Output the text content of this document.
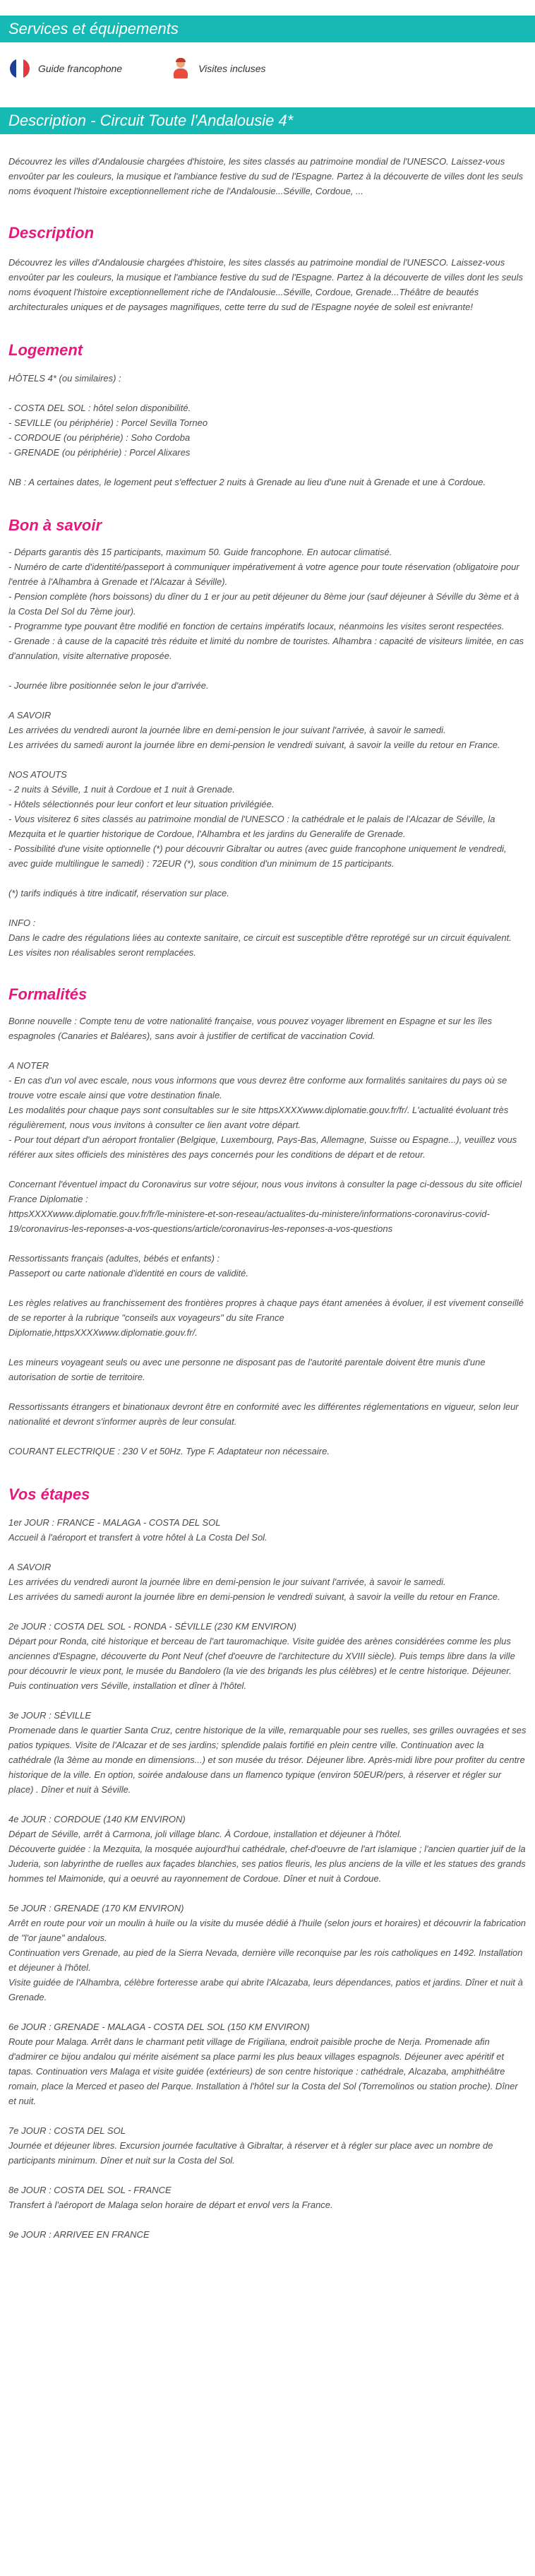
Services et équipements
Guide francophone	Visites incluses
Description - Circuit Toute l'Andalousie 4*

Découvrez les villes d'Andalousie chargées d'histoire, les sites classés au patrimoine mondial de l'UNESCO. Laissez-vous envoûter par les couleurs, la musique et l'ambiance festive du sud de l'Espagne. Partez à la découverte de villes dont les seuls noms évoquent l'histoire exceptionnellement riche de l'Andalousie...Séville, Cordoue, ...

Description

Découvrez les villes d'Andalousie chargées d'histoire, les sites classés au patrimoine mondial de l'UNESCO. Laissez-vous envoûter par les couleurs, la musique et l'ambiance festive du sud de l'Espagne. Partez à la découverte de villes dont les seuls noms évoquent l'histoire exceptionnellement riche de l'Andalousie...Séville, Cordoue, Grenade...Théâtre de beautés architecturales uniques et de paysages magnifiques, cette terre du sud de l'Espagne noyée de soleil est enivrante!

Logement

HÔTELS 4* (ou similaires) :

- COSTA DEL SOL : hôtel selon disponibilité.
- SEVILLE (ou périphérie) : Porcel Sevilla Torneo
- CORDOUE (ou périphérie) : Soho Cordoba
- GRENADE (ou périphérie) : Porcel Alixares

NB : A certaines dates, le logement peut s'effectuer 2 nuits à Grenade au lieu d'une nuit à Grenade et une à Cordoue.

Bon à savoir

- Départs garantis dès 15 participants, maximum 50. Guide francophone. En autocar climatisé.
- Numéro de carte d'identité/passeport à communiquer impérativement à votre agence pour toute réservation (obligatoire pour l'entrée à l'Alhambra à Grenade et l'Alcazar à Séville).
- Pension complète (hors boissons) du dîner du 1 er jour au petit déjeuner du 8ème jour (sauf déjeuner à Séville du 3ème et à la Costa Del Sol du 7ème jour).
- Programme type pouvant être modifié en fonction de certains impératifs locaux, néanmoins les visites seront respectées.
- Grenade : à cause de la capacité très réduite et limité du nombre de touristes. Alhambra : capacité de visiteurs limitée, en cas d'annulation, visite alternative proposée.

- Journée libre positionnée selon le jour d'arrivée.

A SAVOIR
Les arrivées du vendredi auront la journée libre en demi-pension le jour suivant l'arrivée, à savoir le samedi.
Les arrivées du samedi auront la journée libre en demi-pension le vendredi suivant, à savoir la veille du retour en France.

NOS ATOUTS
- 2 nuits à Séville, 1 nuit à Cordoue et 1 nuit à Grenade.
- Hôtels sélectionnés pour leur confort et leur situation privilégiée.
- Vous visiterez 6 sites classés au patrimoine mondial de l'UNESCO : la cathédrale et le palais de l'Alcazar de Séville, la Mezquita et le quartier historique de Cordoue, l'Alhambra et les jardins du Generalife de Grenade.
- Possibilité d'une visite optionnelle (*) pour découvrir Gibraltar ou autres (avec guide francophone uniquement le vendredi, avec guide multilingue le samedi) : 72EUR (*), sous condition d'un minimum de 15 participants.

(*) tarifs indiqués à titre indicatif, réservation sur place.

INFO :
Dans le cadre des régulations liées au contexte sanitaire, ce circuit est susceptible d'être reprotégé sur un circuit équivalent. Les visites non réalisables seront remplacées.

Formalités

Bonne nouvelle : Compte tenu de votre nationalité française, vous pouvez voyager librement en Espagne et sur les îles espagnoles (Canaries et Baléares), sans avoir à justifier de certificat de vaccination Covid.

A NOTER
- En cas d'un vol avec escale, nous vous informons que vous devrez être conforme aux formalités sanitaires du pays où se trouve votre escale ainsi que votre destination finale.
Les modalités pour chaque pays sont consultables sur le site httpsXXXXwww.diplomatie.gouv.fr/fr/. L'actualité évoluant très régulièrement, nous vous invitons à consulter ce lien avant votre départ.
- Pour tout départ d'un aéroport frontalier (Belgique, Luxembourg, Pays-Bas, Allemagne, Suisse ou Espagne...), veuillez vous référer aux sites officiels des ministères des pays concernés pour les conditions de départ et de retour.

Concernant l'éventuel impact du Coronavirus sur votre séjour, nous vous invitons à consulter la page ci-dessous du site officiel France Diplomatie :
httpsXXXXwww.diplomatie.gouv.fr/fr/le-ministere-et-son-reseau/actualites-du-ministere/informations-coronavirus-covid-19/coronavirus-les-reponses-a-vos-questions/article/coronavirus-les-reponses-a-vos-questions

Ressortissants français (adultes, bébés et enfants) :
Passeport ou carte nationale d'identité en cours de validité.

Les règles relatives au franchissement des frontières propres à chaque pays étant amenées à évoluer, il est vivement conseillé de se reporter à la rubrique "conseils aux voyageurs" du site France
Diplomatie,httpsXXXXwww.diplomatie.gouv.fr/.

Les mineurs voyageant seuls ou avec une personne ne disposant pas de l'autorité parentale doivent être munis d'une autorisation de sortie de territoire.

Ressortissants étrangers et binationaux devront être en conformité avec les différentes réglementations en vigueur, selon leur nationalité et devront s'informer auprès de leur consulat.

COURANT ELECTRIQUE : 230 V et 50Hz. Type F. Adaptateur non nécessaire.

Vos étapes

1er JOUR : FRANCE - MALAGA - COSTA DEL SOL
Accueil à l'aéroport et transfert à votre hôtel à La Costa Del Sol.

A SAVOIR
Les arrivées du vendredi auront la journée libre en demi-pension le jour suivant l'arrivée, à savoir le samedi.
Les arrivées du samedi auront la journée libre en demi-pension le vendredi suivant, à savoir la veille du retour en France.

2e JOUR : COSTA DEL SOL - RONDA - SÉVILLE (230 KM ENVIRON)
Départ pour Ronda, cité historique et berceau de l'art tauromachique. Visite guidée des arènes considérées comme les plus anciennes d'Espagne, découverte du Pont Neuf (chef d'oeuvre de l'architecture du XVIII siècle). Puis temps libre dans la ville pour découvrir le vieux pont, le musée du Bandolero (la vie des brigands les plus célèbres) et le centre historique. Déjeuner. Puis continuation vers Séville, installation et dîner à l'hôtel.

3e JOUR : SÉVILLE
Promenade dans le quartier Santa Cruz, centre historique de la ville, remarquable pour ses ruelles, ses grilles ouvragées et ses patios typiques. Visite de l'Alcazar et de ses jardins; splendide palais fortifié en plein centre ville. Continuation avec la cathédrale (la 3ème au monde en dimensions...) et son musée du trésor. Déjeuner libre. Après-midi libre pour profiter du centre historique de la ville. En option, soirée andalouse dans un flamenco typique (environ 50EUR/pers, à réserver et régler sur place) . Dîner et nuit à Séville.

4e JOUR : CORDOUE (140 KM ENVIRON)
Départ de Séville, arrêt à Carmona, joli village blanc. À Cordoue, installation et déjeuner à l'hôtel.
Découverte guidée : la Mezquita, la mosquée aujourd'hui cathédrale, chef-d'oeuvre de l'art islamique ; l'ancien quartier juif de la Juderia, son labyrinthe de ruelles aux façades blanchies, ses patios fleuris, les plus anciens de la ville et les statues des grands hommes tel Maimonide, qui a oeuvré au rayonnement de Cordoue. Dîner et nuit à Cordoue.

5e JOUR : GRENADE (170 KM ENVIRON)
Arrêt en route pour voir un moulin à huile ou la visite du musée dédié à l'huile (selon jours et horaires) et découvrir la fabrication de "l'or jaune" andalous.
Continuation vers Grenade, au pied de la Sierra Nevada, dernière ville reconquise par les rois catholiques en 1492. Installation et déjeuner à l'hôtel.
Visite guidée de l'Alhambra, célèbre forteresse arabe qui abrite l'Alcazaba, leurs dépendances, patios et jardins. Dîner et nuit à Grenade.

6e JOUR : GRENADE - MALAGA - COSTA DEL SOL (150 KM ENVIRON)
Route pour Malaga. Arrêt dans le charmant petit village de Frigiliana, endroit paisible proche de Nerja. Promenade afin d'admirer ce bijou andalou qui mérite aisément sa place parmi les plus beaux villages espagnols. Déjeuner avec apéritif et tapas. Continuation vers Malaga et visite guidée (extérieurs) de son centre historique : cathédrale, Alcazaba, amphithéâtre romain, place la Merced et paseo del Parque. Installation à l'hôtel sur la Costa del Sol (Torremolinos ou station proche). Dîner et nuit.

7e JOUR : COSTA DEL SOL
Journée et déjeuner libres. Excursion journée facultative à Gibraltar, à réserver et à régler sur place avec un nombre de participants minimum. Dîner et nuit sur la Costa del Sol.

8e JOUR : COSTA DEL SOL - FRANCE
Transfert à l'aéroport de Malaga selon horaire de départ et envol vers la France.

9e JOUR : ARRIVEE EN FRANCE
